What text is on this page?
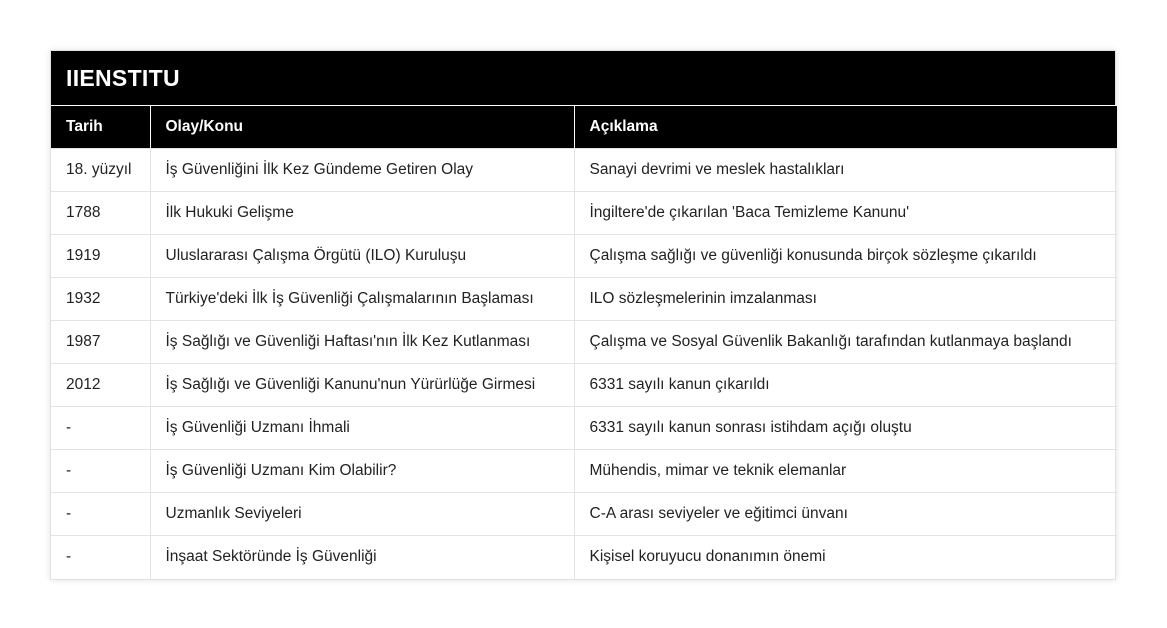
IIENSTITU
Tarih	Olay/Konu	Açıklama
18. yüzyıl	İş Güvenliğini İlk Kez Gündeme Getiren Olay	Sanayi devrimi ve meslek hastalıkları
1788	İlk Hukuki Gelişme	İngiltere'de çıkarılan 'Baca Temizleme Kanunu'
1919	Uluslararası Çalışma Örgütü (ILO) Kuruluşu	Çalışma sağlığı ve güvenliği konusunda birçok sözleşme çıkarıldı
1932	Türkiye'deki İlk İş Güvenliği Çalışmalarının Başlaması	ILO sözleşmelerinin imzalanması
1987	İş Sağlığı ve Güvenliği Haftası'nın İlk Kez Kutlanması	Çalışma ve Sosyal Güvenlik Bakanlığı tarafından kutlanmaya başlandı
2012	İş Sağlığı ve Güvenliği Kanunu'nun Yürürlüğe Girmesi	6331 sayılı kanun çıkarıldı
-	İş Güvenliği Uzmanı İhmali	6331 sayılı kanun sonrası istihdam açığı oluştu
-	İş Güvenliği Uzmanı Kim Olabilir?	Mühendis, mimar ve teknik elemanlar
-	Uzmanlık Seviyeleri	C-A arası seviyeler ve eğitimci ünvanı
-	İnşaat Sektöründe İş Güvenliği	Kişisel koruyucu donanımın önemi
